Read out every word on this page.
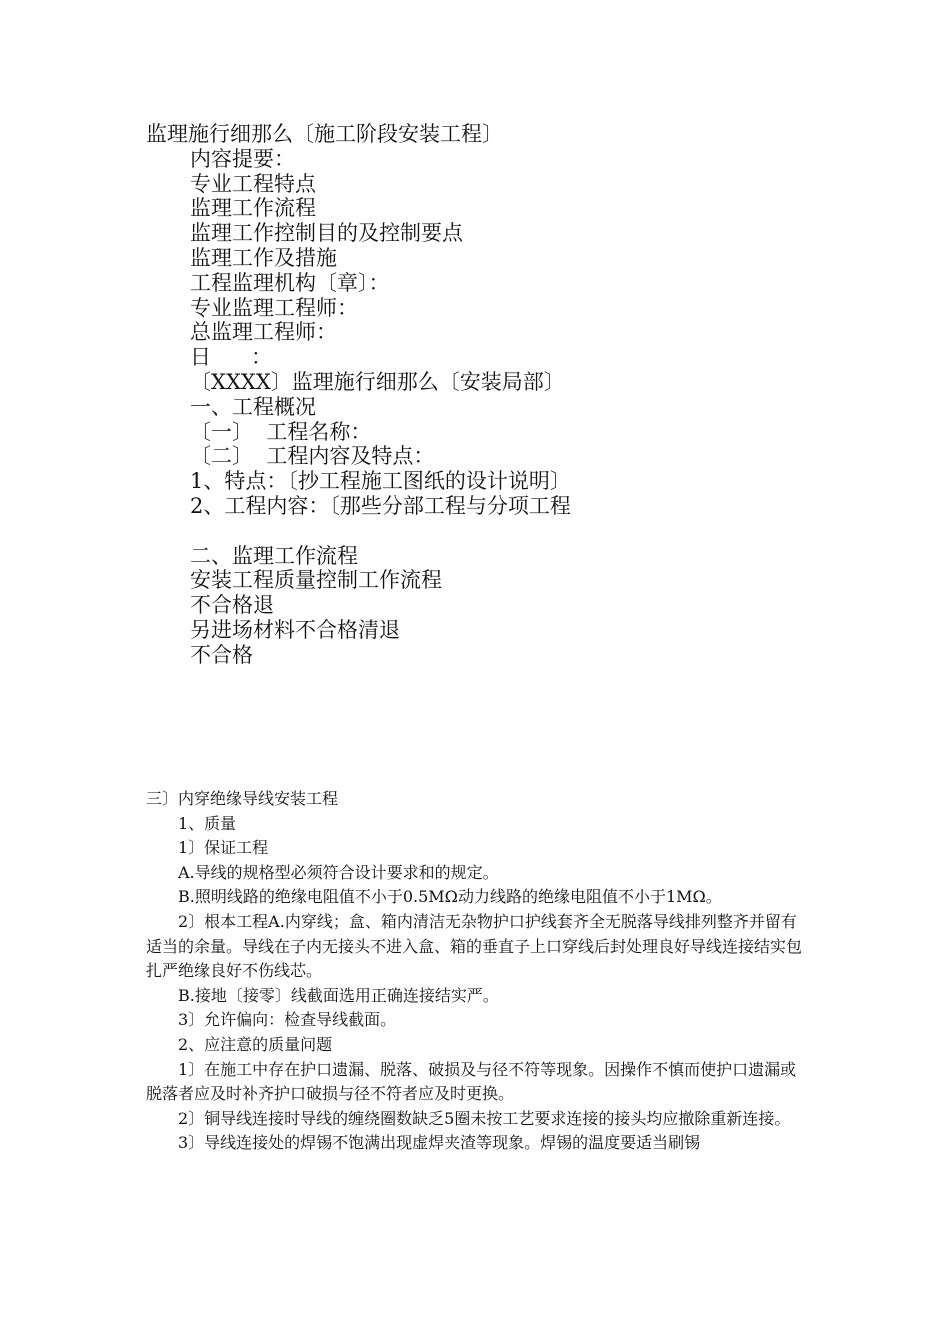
监理施行细那么〔施工阶段安装工程〕
内容提要：
专业工程特点
监理工作流程
监理工作控制目的及控制要点
监理工作及措施
工程监理机构〔章〕：
专业监理工程师：
总监理工程师：
日      ：
〔XXXX〕监理施行细那么〔安装局部〕
一、工程概况
〔一〕  工程名称：
〔二〕  工程内容及特点：
1、特点：〔抄工程施工图纸的设计说明〕
2、工程内容：〔那些分部工程与分项工程
二、监理工作流程
安装工程质量控制工作流程
不合格退
另进场材料不合格清退
不合格
三〕内穿绝缘导线安装工程
1、质量
1〕保证工程
A.导线的规格型必须符合设计要求和的规定。
B.照明线路的绝缘电阻值不小于0.5MΩ动力线路的绝缘电阻值不小于1MΩ。
2〕根本工程A.内穿线；盒、箱内清洁无杂物护口护线套齐全无脱落导线排列整齐并留有适当的余量。导线在子内无接头不进入盒、箱的垂直子上口穿线后封处理良好导线连接结实包扎严绝缘良好不伤线芯。
B.接地〔接零〕线截面选用正确连接结实严。
3〕允许偏向：检查导线截面。
2、应注意的质量问题
1〕在施工中存在护口遗漏、脱落、破损及与径不符等现象。因操作不慎而使护口遗漏或脱落者应及时补齐护口破损与径不符者应及时更换。
2〕铜导线连接时导线的缠绕圈数缺乏5圈未按工艺要求连接的接头均应撤除重新连接。
3〕导线连接处的焊锡不饱满出现虚焊夹渣等现象。焊锡的温度要适当刷锡
